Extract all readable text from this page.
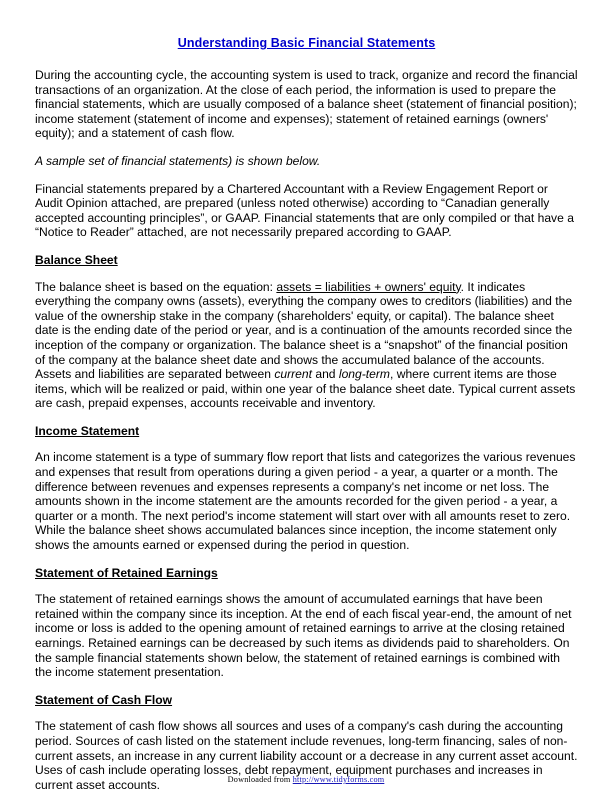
Understanding Basic Financial Statements

During the accounting cycle, the accounting system is used to track, organize and record the financial transactions of an organization. At the close of each period, the information is used to prepare the financial statements, which are usually composed of a balance sheet (statement of financial position); income statement (statement of income and expenses); statement of retained earnings (owners' equity); and a statement of cash flow.

A sample set of financial statements) is shown below.

Financial statements prepared by a Chartered Accountant with a Review Engagement Report or Audit Opinion attached, are prepared (unless noted otherwise) according to “Canadian generally accepted accounting principles”, or GAAP. Financial statements that are only compiled or that have a “Notice to Reader” attached, are not necessarily prepared according to GAAP.

Balance Sheet

The balance sheet is based on the equation: assets = liabilities + owners' equity. It indicates everything the company owns (assets), everything the company owes to creditors (liabilities) and the value of the ownership stake in the company (shareholders' equity, or capital). The balance sheet date is the ending date of the period or year, and is a continuation of the amounts recorded since the inception of the company or organization. The balance sheet is a “snapshot” of the financial position of the company at the balance sheet date and shows the accumulated balance of the accounts. Assets and liabilities are separated between current and long-term, where current items are those items, which will be realized or paid, within one year of the balance sheet date. Typical current assets are cash, prepaid expenses, accounts receivable and inventory.

Income Statement

An income statement is a type of summary flow report that lists and categorizes the various revenues and expenses that result from operations during a given period - a year, a quarter or a month. The difference between revenues and expenses represents a company's net income or net loss. The amounts shown in the income statement are the amounts recorded for the given period - a year, a quarter or a month. The next period's income statement will start over with all amounts reset to zero. While the balance sheet shows accumulated balances since inception, the income statement only shows the amounts earned or expensed during the period in question.

Statement of Retained Earnings

The statement of retained earnings shows the amount of accumulated earnings that have been retained within the company since its inception. At the end of each fiscal year-end, the amount of net income or loss is added to the opening amount of retained earnings to arrive at the closing retained earnings. Retained earnings can be decreased by such items as dividends paid to shareholders. On the sample financial statements shown below, the statement of retained earnings is combined with the income statement presentation.

Statement of Cash Flow

The statement of cash flow shows all sources and uses of a company's cash during the accounting period. Sources of cash listed on the statement include revenues, long-term financing, sales of non-current assets, an increase in any current liability account or a decrease in any current asset account. Uses of cash include operating losses, debt repayment, equipment purchases and increases in current asset accounts.	Downloaded from http://www.tidyforms.com
